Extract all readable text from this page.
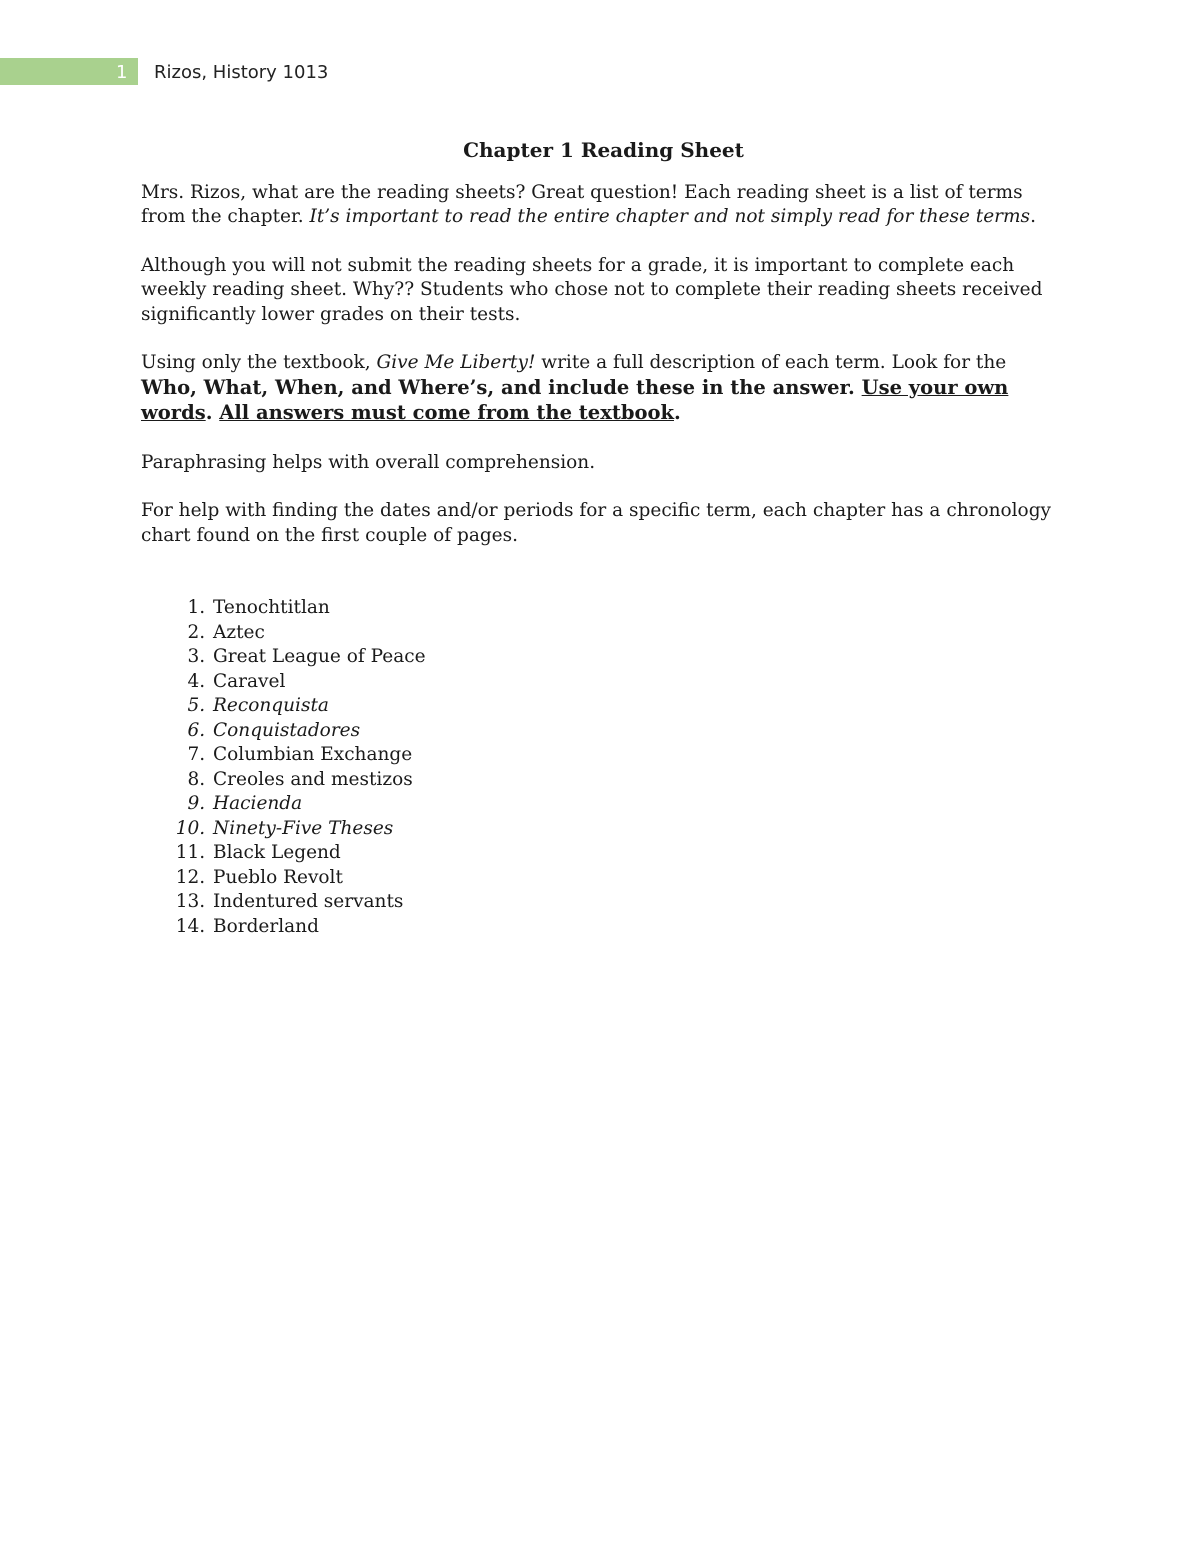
1 Rizos, History 1013
Chapter 1 Reading Sheet

Mrs. Rizos, what are the reading sheets? Great question! Each reading sheet is a list of terms from the chapter. It’s important to read the entire chapter and not simply read for these terms.

Although you will not submit the reading sheets for a grade, it is important to complete each weekly reading sheet. Why?? Students who chose not to complete their reading sheets received significantly lower grades on their tests.

Using only the textbook, Give Me Liberty! write a full description of each term. Look for the Who, What, When, and Where’s, and include these in the answer. Use your own words. All answers must come from the textbook.

Paraphrasing helps with overall comprehension.

For help with finding the dates and/or periods for a specific term, each chapter has a chronology chart found on the first couple of pages.

1. Tenochtitlan
2. Aztec
3. Great League of Peace
4. Caravel
5. Reconquista
6. Conquistadores
7. Columbian Exchange
8. Creoles and mestizos
9. Hacienda
10. Ninety-Five Theses
11. Black Legend
12. Pueblo Revolt
13. Indentured servants
14. Borderland
